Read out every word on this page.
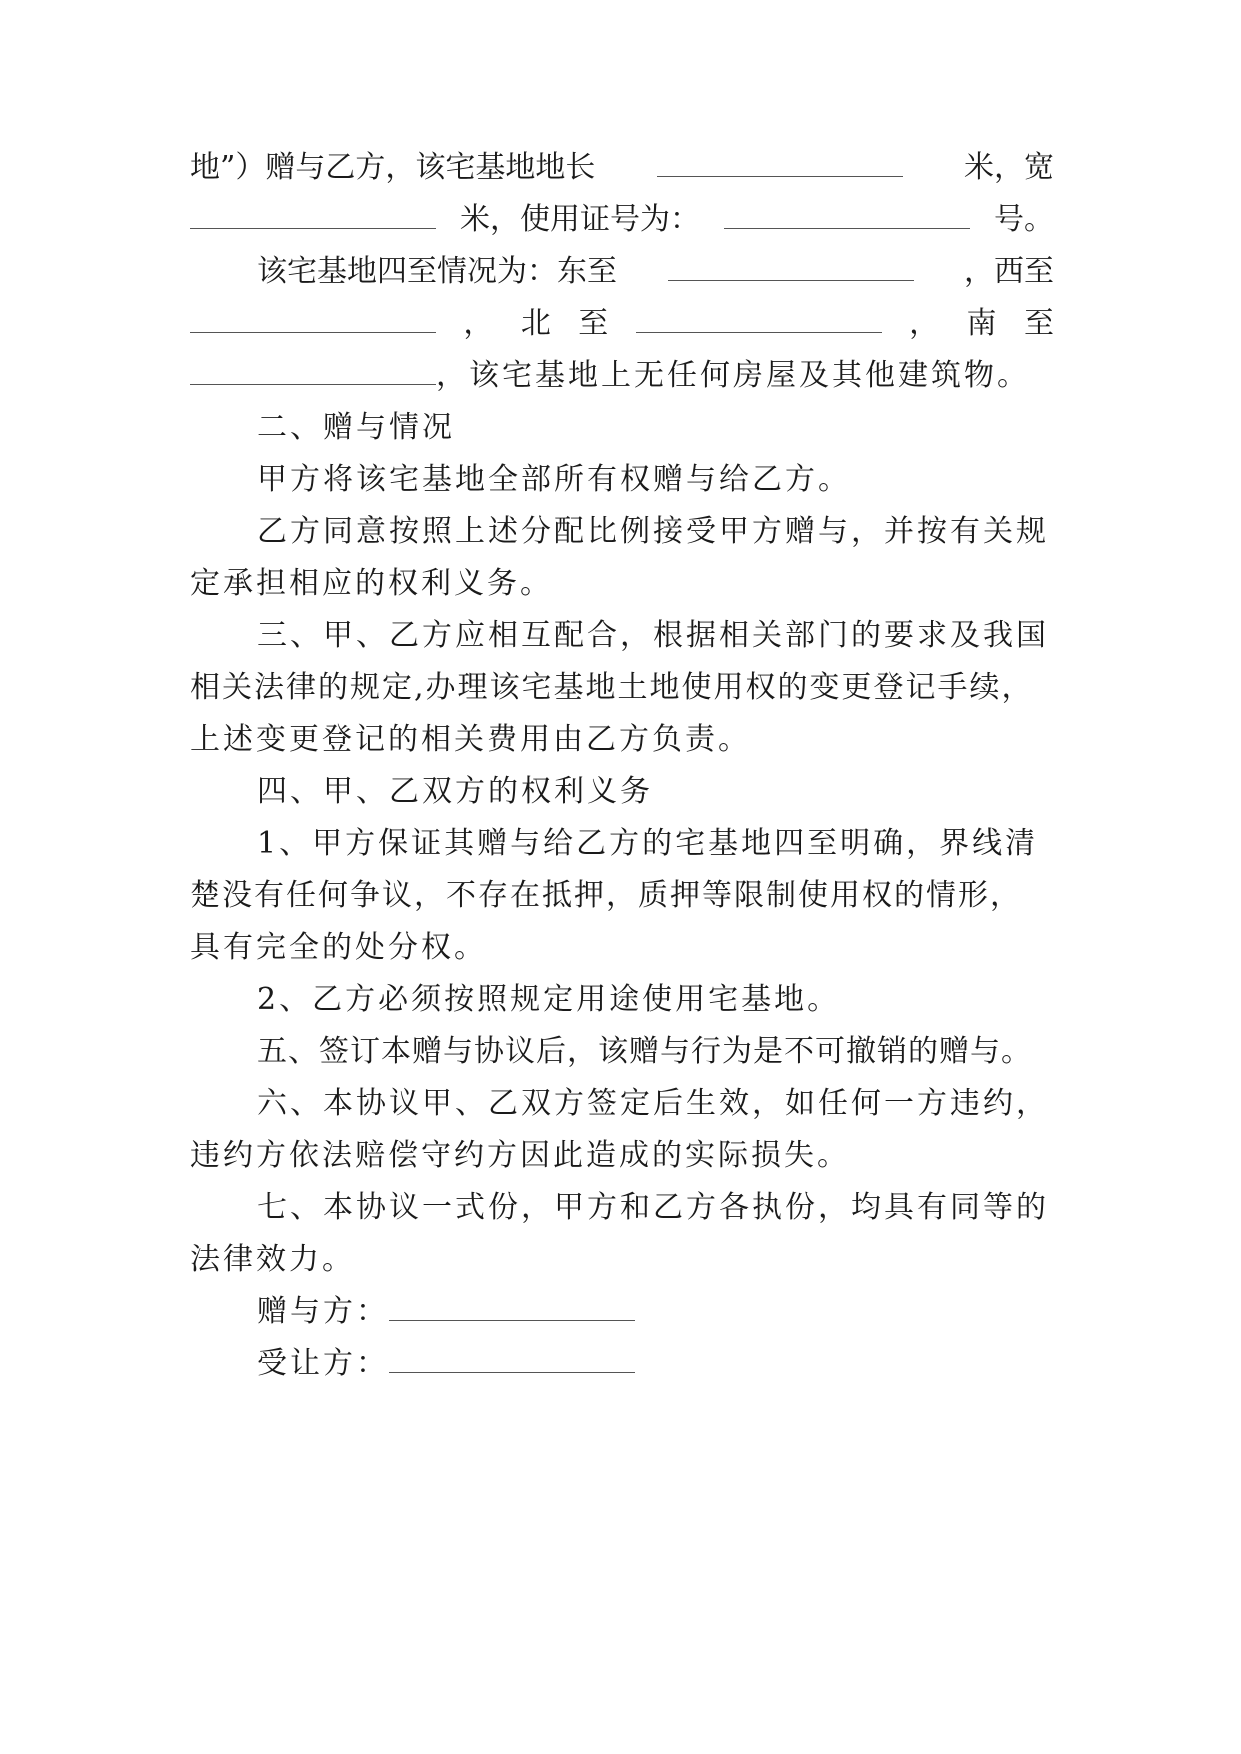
地”）赠与乙方，该宅基地地长	米，宽
米，使用证号为：	号。
该宅基地四至情况为：东至	，西至
， 北 至	， 南 至
，该宅基地上无任何房屋及其他建筑物。
二、赠与情况
甲方将该宅基地全部所有权赠与给乙方。
乙方同意按照上述分配比例接受甲方赠与，并按有关规
定承担相应的权利义务。
三、甲、乙方应相互配合，根据相关部门的要求及我国
相关法律的规定,办理该宅基地土地使用权的变更登记手续，
上述变更登记的相关费用由乙方负责。
四、甲、乙双方的权利义务
1、甲方保证其赠与给乙方的宅基地四至明确，界线清
楚没有任何争议，不存在抵押，质押等限制使用权的情形，
具有完全的处分权。
2、乙方必须按照规定用途使用宅基地。
五、签订本赠与协议后，该赠与行为是不可撤销的赠与。
六、本协议甲、乙双方签定后生效，如任何一方违约，
违约方依法赔偿守约方因此造成的实际损失。
七、本协议一式份，甲方和乙方各执份，均具有同等的
法律效力。
赠与方：
受让方：
